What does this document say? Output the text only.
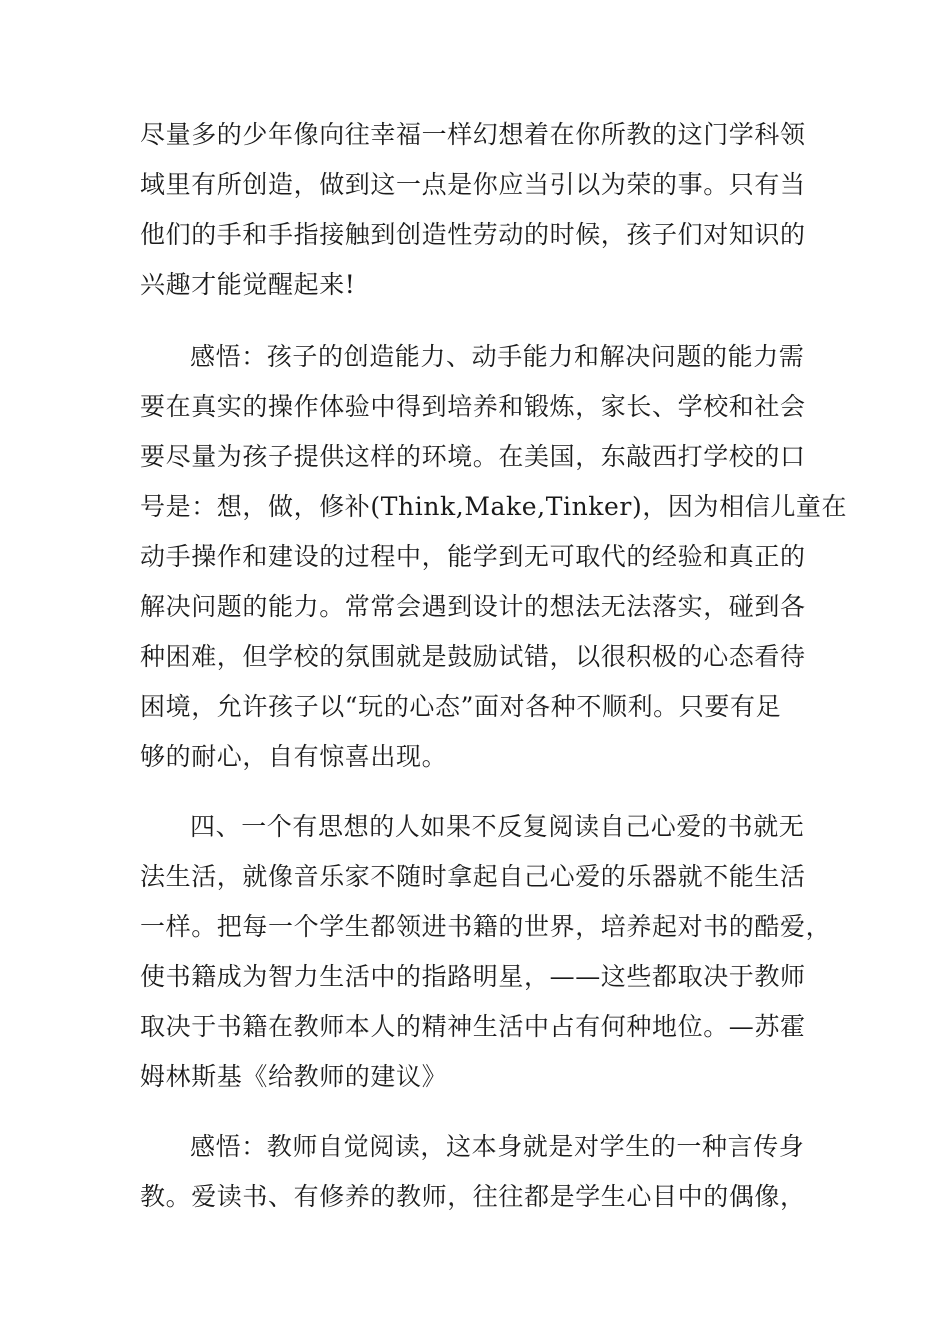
尽量多的少年像向往幸福一样幻想着在你所教的这门学科领
域里有所创造，做到这一点是你应当引以为荣的事。只有当
他们的手和手指接触到创造性劳动的时候，孩子们对知识的
兴趣才能觉醒起来!
感悟：孩子的创造能力、动手能力和解决问题的能力需
要在真实的操作体验中得到培养和锻炼，家长、学校和社会
要尽量为孩子提供这样的环境。在美国，东敲西打学校的口
号是：想，做，修补(Think,Make,Tinker)，因为相信儿童在
动手操作和建设的过程中，能学到无可取代的经验和真正的
解决问题的能力。常常会遇到设计的想法无法落实，碰到各
种困难，但学校的氛围就是鼓励试错，以很积极的心态看待
困境，允许孩子以“玩的心态”面对各种不顺利。只要有足
够的耐心，自有惊喜出现。
四、一个有思想的人如果不反复阅读自己心爱的书就无
法生活，就像音乐家不随时拿起自己心爱的乐器就不能生活
一样。把每一个学生都领进书籍的世界，培养起对书的酷爱，
使书籍成为智力生活中的指路明星，——这些都取决于教师
取决于书籍在教师本人的精神生活中占有何种地位。—苏霍
姆林斯基《给教师的建议》
感悟：教师自觉阅读，这本身就是对学生的一种言传身
教。爱读书、有修养的教师，往往都是学生心目中的偶像，
